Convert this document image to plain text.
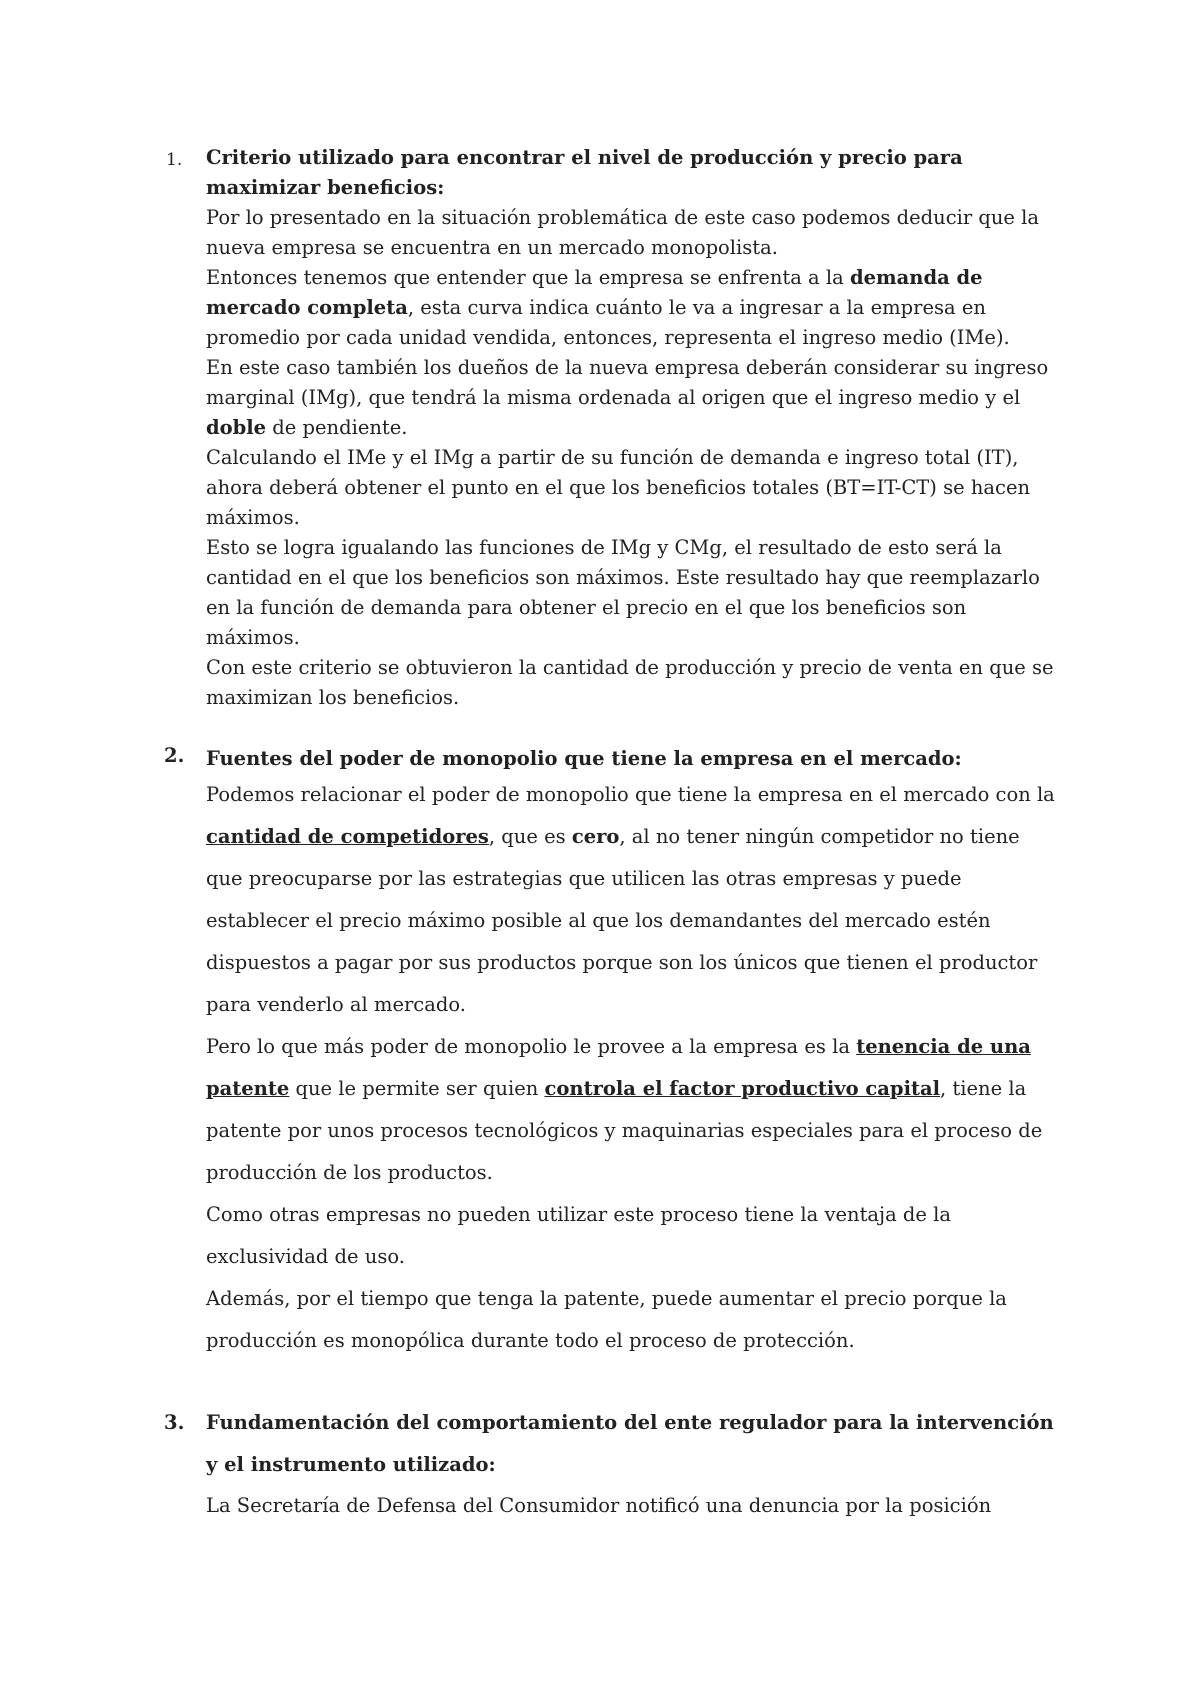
1. Criterio utilizado para encontrar el nivel de producción y precio para maximizar beneficios:

Por lo presentado en la situación problemática de este caso podemos deducir que la nueva empresa se encuentra en un mercado monopolista.

Entonces tenemos que entender que la empresa se enfrenta a la demanda de mercado completa, esta curva indica cuánto le va a ingresar a la empresa en promedio por cada unidad vendida, entonces, representa el ingreso medio (IMe).

En este caso también los dueños de la nueva empresa deberán considerar su ingreso marginal (IMg), que tendrá la misma ordenada al origen que el ingreso medio y el doble de pendiente.

Calculando el IMe y el IMg a partir de su función de demanda e ingreso total (IT), ahora deberá obtener el punto en el que los beneficios totales (BT=IT-CT) se hacen máximos.

Esto se logra igualando las funciones de IMg y CMg, el resultado de esto será la cantidad en el que los beneficios son máximos. Este resultado hay que reemplazarlo en la función de demanda para obtener el precio en el que los beneficios son máximos.

Con este criterio se obtuvieron la cantidad de producción y precio de venta en que se maximizan los beneficios.

2. Fuentes del poder de monopolio que tiene la empresa en el mercado:

Podemos relacionar el poder de monopolio que tiene la empresa en el mercado con la cantidad de competidores, que es cero, al no tener ningún competidor no tiene que preocuparse por las estrategias que utilicen las otras empresas y puede establecer el precio máximo posible al que los demandantes del mercado estén dispuestos a pagar por sus productos porque son los únicos que tienen el productor para venderlo al mercado.

Pero lo que más poder de monopolio le provee a la empresa es la tenencia de una patente que le permite ser quien controla el factor productivo capital, tiene la patente por unos procesos tecnológicos y maquinarias especiales para el proceso de producción de los productos.

Como otras empresas no pueden utilizar este proceso tiene la ventaja de la exclusividad de uso.

Además, por el tiempo que tenga la patente, puede aumentar el precio porque la producción es monopólica durante todo el proceso de protección.

3. Fundamentación del comportamiento del ente regulador para la intervención y el instrumento utilizado:

La Secretaría de Defensa del Consumidor notificó una denuncia por la posición
